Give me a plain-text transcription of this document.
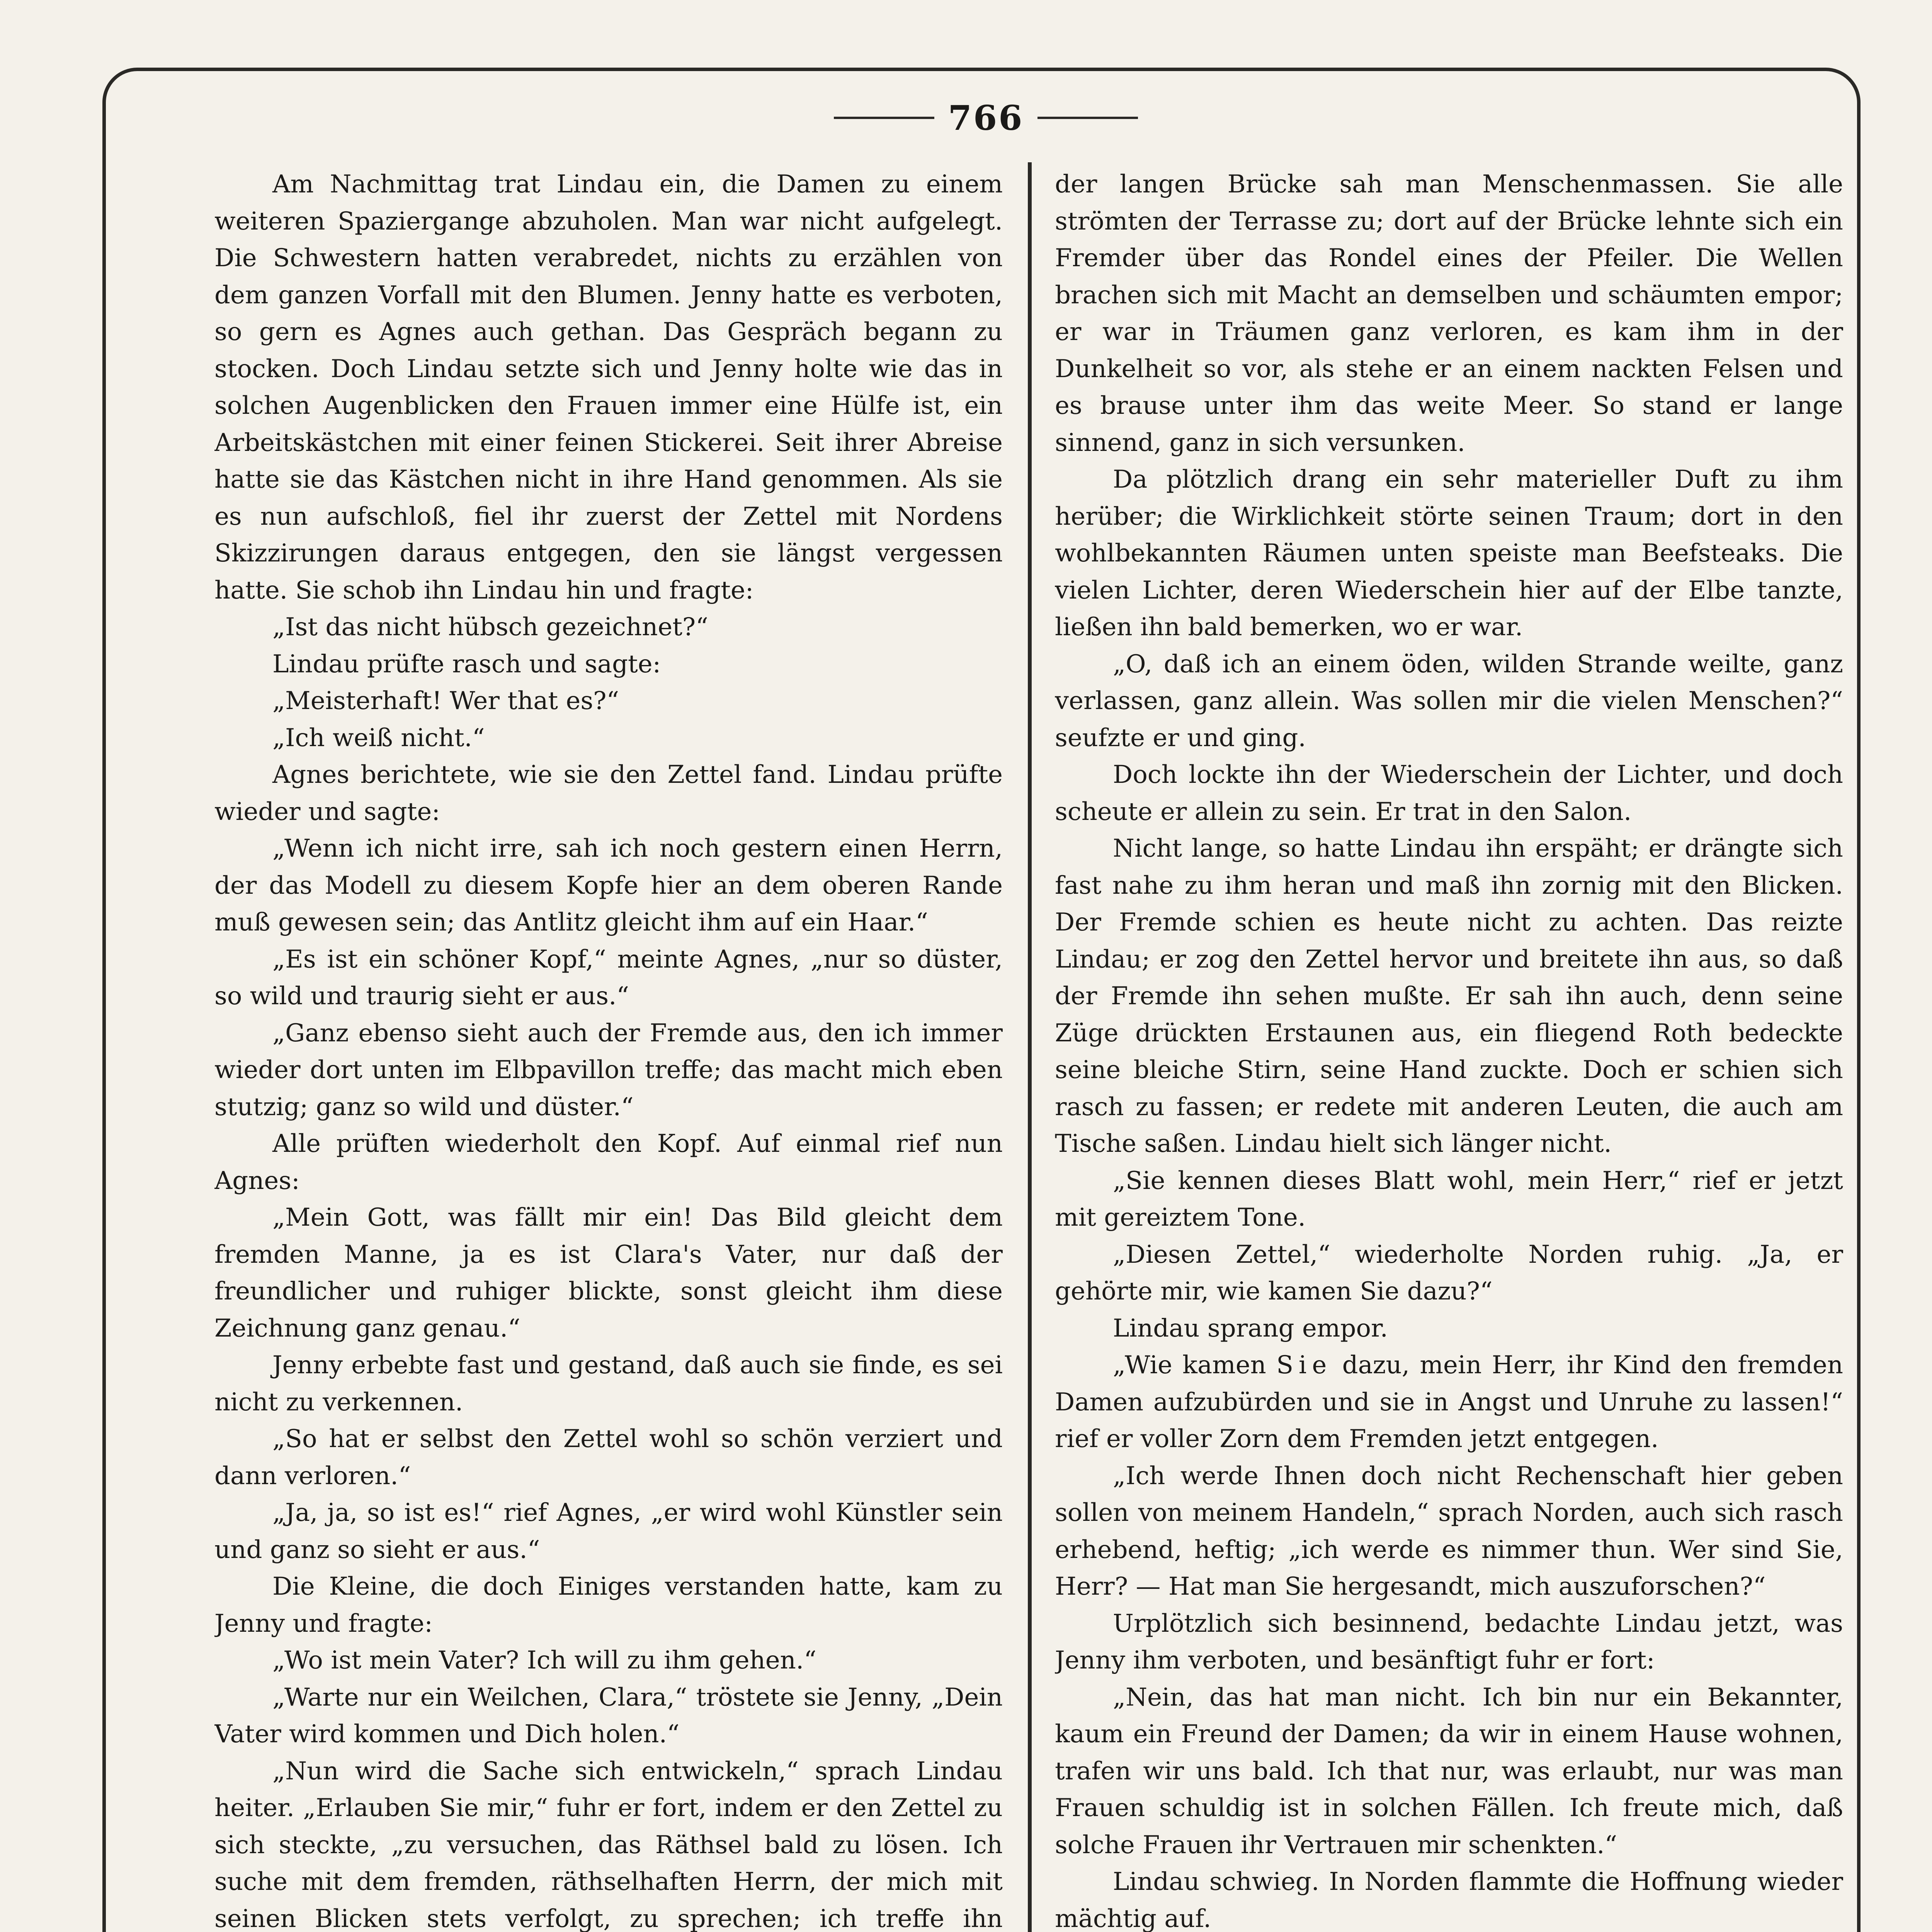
766

Am Nachmittag trat Lindau ein, die Damen zu einem weiteren Spaziergange abzuholen. Man war nicht aufgelegt. Die Schwestern hatten verabredet, nichts zu erzählen von dem ganzen Vorfall mit den Blumen. Jenny hatte es verboten, so gern es Agnes auch gethan. Das Gespräch begann zu stocken. Doch Lindau setzte sich und Jenny holte wie das in solchen Augenblicken den Frauen immer eine Hülfe ist, ein Arbeitskästchen mit einer feinen Stickerei. Seit ihrer Abreise hatte sie das Kästchen nicht in ihre Hand genommen. Als sie es nun aufschloß, fiel ihr zuerst der Zettel mit Nordens Skizzirungen daraus entgegen, den sie längst vergessen hatte. Sie schob ihn Lindau hin und fragte:

„Ist das nicht hübsch gezeichnet?“

Lindau prüfte rasch und sagte:

„Meisterhaft! Wer that es?“

„Ich weiß nicht.“

Agnes berichtete, wie sie den Zettel fand. Lindau prüfte wieder und sagte:

„Wenn ich nicht irre, sah ich noch gestern einen Herrn, der das Modell zu diesem Kopfe hier an dem oberen Rande muß gewesen sein; das Antlitz gleicht ihm auf ein Haar.“

„Es ist ein schöner Kopf,“ meinte Agnes, „nur so düster, so wild und traurig sieht er aus.“

„Ganz ebenso sieht auch der Fremde aus, den ich immer wieder dort unten im Elbpavillon treffe; das macht mich eben stutzig; ganz so wild und düster.“

Alle prüften wiederholt den Kopf. Auf einmal rief nun Agnes:

„Mein Gott, was fällt mir ein! Das Bild gleicht dem fremden Manne, ja es ist Clara's Vater, nur daß der freundlicher und ruhiger blickte, sonst gleicht ihm diese Zeichnung ganz genau.“

Jenny erbebte fast und gestand, daß auch sie finde, es sei nicht zu verkennen.

„So hat er selbst den Zettel wohl so schön verziert und dann verloren.“

„Ja, ja, so ist es!“ rief Agnes, „er wird wohl Künstler sein und ganz so sieht er aus.“

Die Kleine, die doch Einiges verstanden hatte, kam zu Jenny und fragte:

„Wo ist mein Vater? Ich will zu ihm gehen.“

„Warte nur ein Weilchen, Clara,“ tröstete sie Jenny, „Dein Vater wird kommen und Dich holen.“

„Nun wird die Sache sich entwickeln,“ sprach Lindau heiter. „Erlauben Sie mir,“ fuhr er fort, indem er den Zettel zu sich steckte, „zu versuchen, das Räthsel bald zu lösen. Ich suche mit dem fremden, räthselhaften Herrn, der mich mit seinen Blicken stets verfolgt, zu sprechen; ich treffe ihn

der langen Brücke sah man Menschenmassen. Sie alle strömten der Terrasse zu; dort auf der Brücke lehnte sich ein Fremder über das Rondel eines der Pfeiler. Die Wellen brachen sich mit Macht an demselben und schäumten empor; er war in Träumen ganz verloren, es kam ihm in der Dunkelheit so vor, als stehe er an einem nackten Felsen und es brause unter ihm das weite Meer. So stand er lange sinnend, ganz in sich versunken.

Da plötzlich drang ein sehr materieller Duft zu ihm herüber; die Wirklichkeit störte seinen Traum; dort in den wohlbekannten Räumen unten speiste man Beefsteaks. Die vielen Lichter, deren Wiederschein hier auf der Elbe tanzte, ließen ihn bald bemerken, wo er war.

„O, daß ich an einem öden, wilden Strande weilte, ganz verlassen, ganz allein. Was sollen mir die vielen Menschen?“ seufzte er und ging.

Doch lockte ihn der Wiederschein der Lichter, und doch scheute er allein zu sein. Er trat in den Salon.

Nicht lange, so hatte Lindau ihn erspäht; er drängte sich fast nahe zu ihm heran und maß ihn zornig mit den Blicken. Der Fremde schien es heute nicht zu achten. Das reizte Lindau; er zog den Zettel hervor und breitete ihn aus, so daß der Fremde ihn sehen mußte. Er sah ihn auch, denn seine Züge drückten Erstaunen aus, ein fliegend Roth bedeckte seine bleiche Stirn, seine Hand zuckte. Doch er schien sich rasch zu fassen; er redete mit anderen Leuten, die auch am Tische saßen. Lindau hielt sich länger nicht.

„Sie kennen dieses Blatt wohl, mein Herr,“ rief er jetzt mit gereiztem Tone.

„Diesen Zettel,“ wiederholte Norden ruhig. „Ja, er gehörte mir, wie kamen Sie dazu?“

Lindau sprang empor.

„Wie kamen Sie dazu, mein Herr, ihr Kind den fremden Damen aufzubürden und sie in Angst und Unruhe zu lassen!“ rief er voller Zorn dem Fremden jetzt entgegen.

„Ich werde Ihnen doch nicht Rechenschaft hier geben sollen von meinem Handeln,“ sprach Norden, auch sich rasch erhebend, heftig; „ich werde es nimmer thun. Wer sind Sie, Herr? — Hat man Sie hergesandt, mich auszuforschen?“

Urplötzlich sich besinnend, bedachte Lindau jetzt, was Jenny ihm verboten, und besänftigt fuhr er fort:

„Nein, das hat man nicht. Ich bin nur ein Bekannter, kaum ein Freund der Damen; da wir in einem Hause wohnen, trafen wir uns bald. Ich that nur, was erlaubt, nur was man Frauen schuldig ist in solchen Fällen. Ich freute mich, daß solche Frauen ihr Vertrauen mir schenkten.“

Lindau schwieg. In Norden flammte die Hoffnung wieder mächtig auf.
